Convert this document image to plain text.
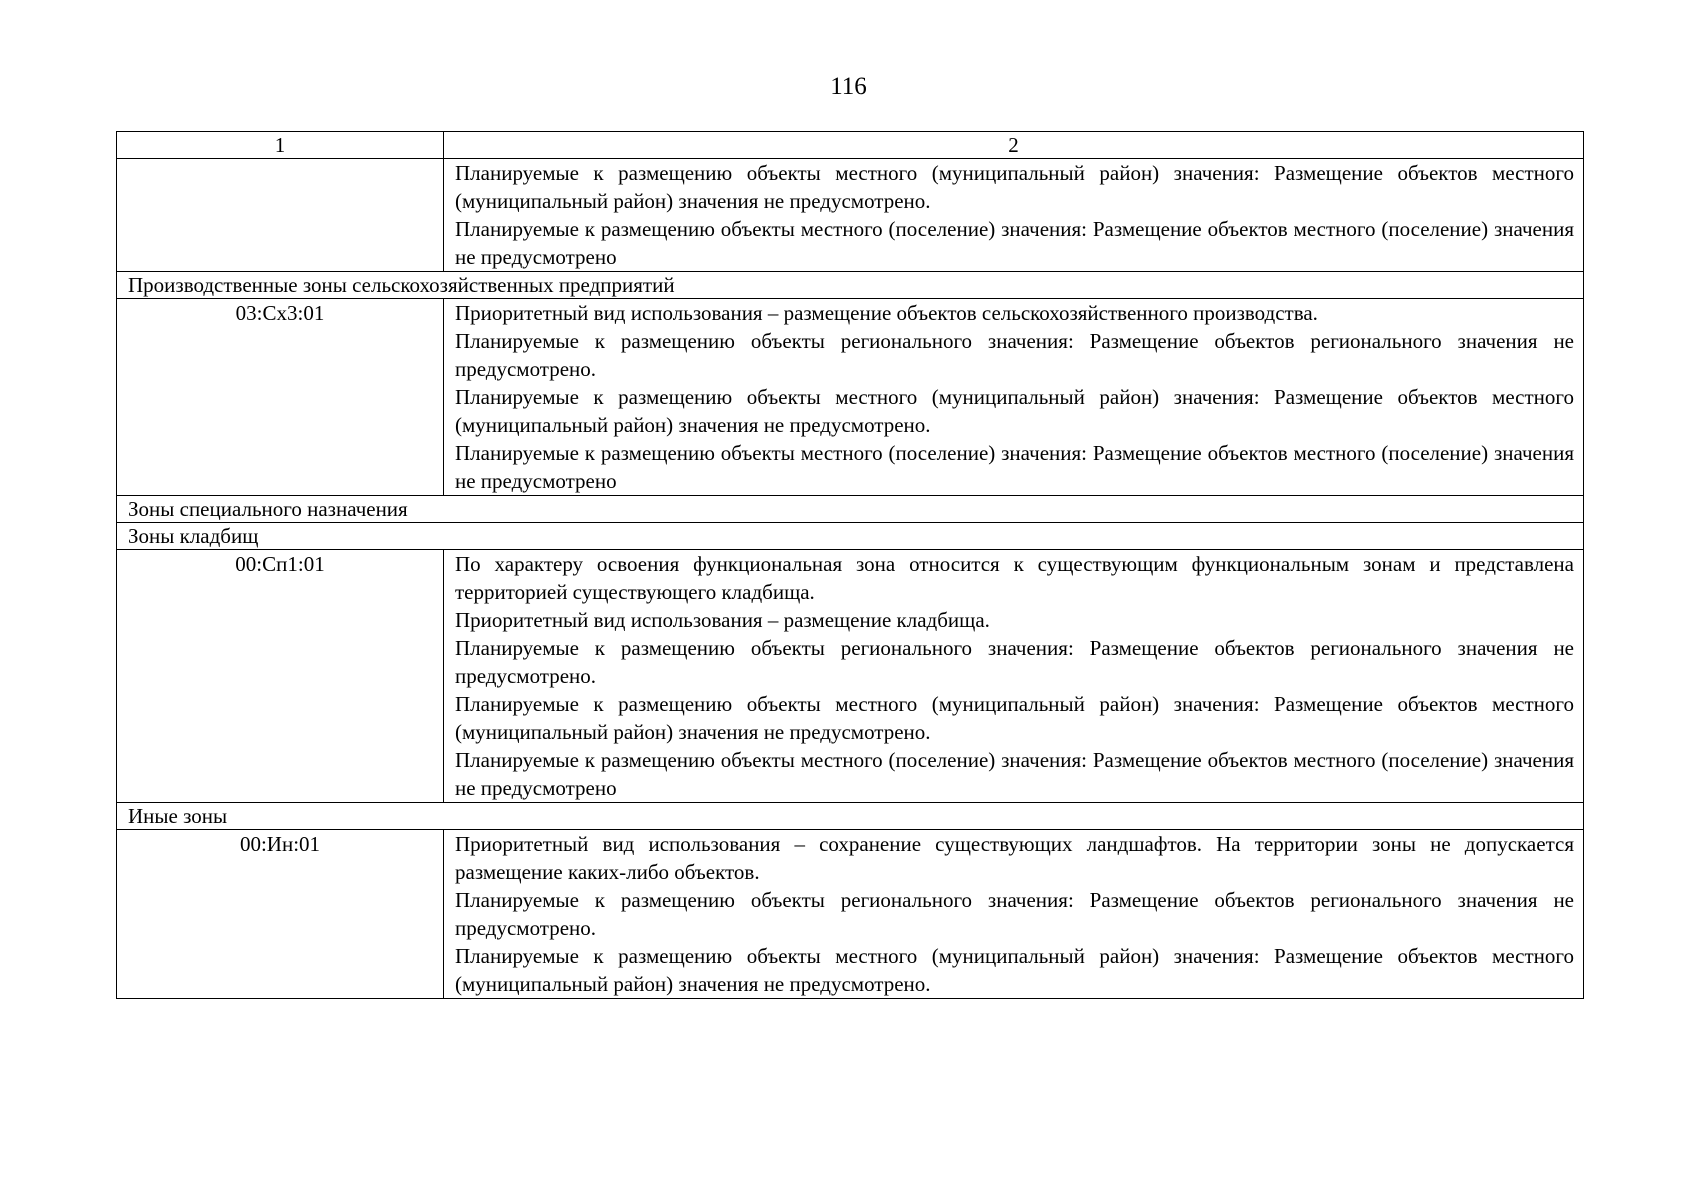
116
1	2

	Планируемые к размещению объекты местного (муниципальный район) значения: Размещение объектов местного (муниципальный район) значения не предусмотрено.

Планируемые к размещению объекты местного (поселение) значения: Размещение объектов местного (поселение) значения не предусмотрено

Производственные зоны сельскохозяйственных предприятий	
03:Сх3:01	Приоритетный вид использования – размещение объектов сельскохозяйственного производства.

Планируемые к размещению объекты регионального значения: Размещение объектов регионального значения не предусмотрено.

Планируемые к размещению объекты местного (муниципальный район) значения: Размещение объектов местного (муниципальный район) значения не предусмотрено.

Планируемые к размещению объекты местного (поселение) значения: Размещение объектов местного (поселение) значения не предусмотрено

Зоны специального назначения	
Зоны кладбищ	
00:Сп1:01	По характеру освоения функциональная зона относится к существующим функциональным зонам и представлена территорией существующего кладбища.

Приоритетный вид использования – размещение кладбища.

Планируемые к размещению объекты регионального значения: Размещение объектов регионального значения не предусмотрено.

Планируемые к размещению объекты местного (муниципальный район) значения: Размещение объектов местного (муниципальный район) значения не предусмотрено.

Планируемые к размещению объекты местного (поселение) значения: Размещение объектов местного (поселение) значения не предусмотрено

Иные зоны	
00:Ин:01	Приоритетный вид использования – сохранение существующих ландшафтов. На территории зоны не допускается размещение каких-либо объектов.

Планируемые к размещению объекты регионального значения: Размещение объектов регионального значения не предусмотрено.

Планируемые к размещению объекты местного (муниципальный район) значения: Размещение объектов местного (муниципальный район) значения не предусмотрено.
